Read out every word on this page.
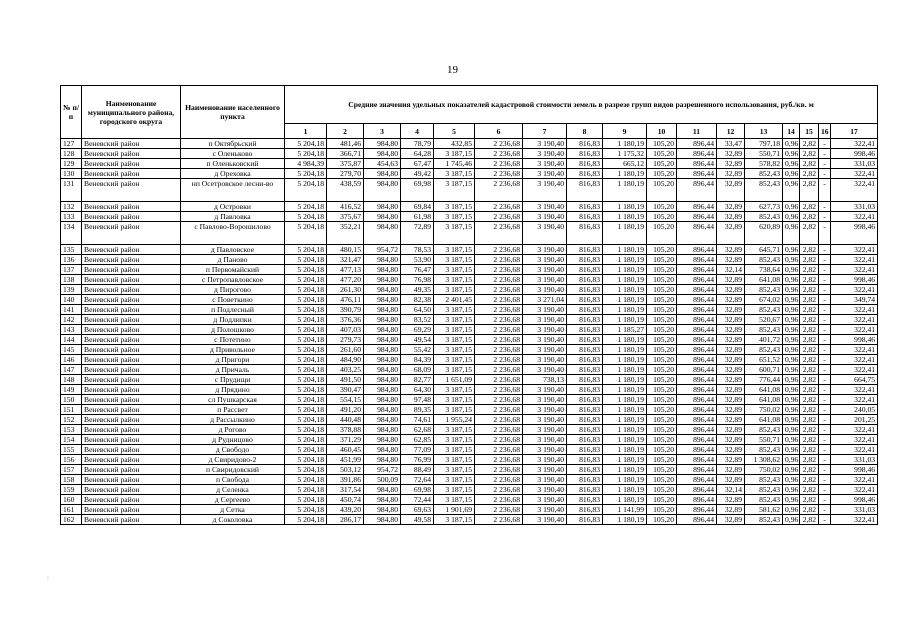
19
№ п/п	Наименование муниципального района, городского округа	Наименование населенного пункта	Средние значения удельных показателей кадастровой стоимости земель в разрезе групп видов разрешенного использования, руб./кв. м																
			1	2	3	4	5	6	7	8	9	10	11	12	13	14	15	16	17
127	Веневский район	п Октябрьский	5 204,18	481,46	984,80	78,79	432,85	2 236,68	3 190,40	816,83	1 180,19	105,20	896,44	33,47	797,18	0,96	2,82	-	322,41
128	Веневский район	с Оленьково	5 204,18	366,71	984,80	64,28	3 187,15	2 236,68	3 190,40	816,83	1 175,32	105,20	896,44	32,89	550,71	0,96	2,82	-	998,46
129	Веневский район	п Оленьковский	4 984,39	375,87	454,63	67,47	1 745,46	2 236,68	3 190,40	816,83	665,12	105,20	896,44	32,89	578,82	0,96	2,82	-	331,03
130	Веневский район	д Ореховка	5 204,18	279,70	984,80	49,42	3 187,15	2 236,68	3 190,40	816,83	1 180,19	105,20	896,44	32,89	852,43	0,96	2,82	-	322,41
131	Веневский район	нп Осетровское лесни-во	5 204,18	438,59	984,80	69,98	3 187,15	2 236,68	3 190,40	816,83	1 180,19	105,20	896,44	32,89	852,43	0,96	2,82	-	322,41
132	Веневский район	д Островки	5 204,18	416,52	984,80	69,84	3 187,15	2 236,68	3 190,40	816,83	1 180,19	105,20	896,44	32,89	627,73	0,96	2,82	-	331,03
133	Веневский район	д Павловка	5 204,18	375,67	984,80	61,98	3 187,15	2 236,68	3 190,40	816,83	1 180,19	105,20	896,44	32,89	852,43	0,96	2,82	-	322,41
134	Веневский район	с Павлово-Ворошилово	5 204,18	352,21	984,80	72,89	3 187,15	2 236,68	3 190,40	816,83	1 180,19	105,20	896,44	32,89	620,89	0,96	2,82	-	998,46
135	Веневский район	д Павловское	5 204,18	480,15	954,72	78,53	3 187,15	2 236,68	3 190,40	816,83	1 180,19	105,20	896,44	32,89	645,71	0,96	2,82	-	322,41
136	Веневский район	д Паново	5 204,18	321,47	984,80	53,90	3 187,15	2 236,68	3 190,40	816,83	1 180,19	105,20	896,44	32,89	852,43	0,96	2,82	-	322,41
137	Веневский район	п Первомайский	5 204,18	477,13	984,80	76,47	3 187,15	2 236,68	3 190,40	816,83	1 180,19	105,20	896,44	32,14	738,64	0,96	2,82	-	322,41
138	Веневский район	с Петропавловское	5 204,18	477,20	984,80	76,98	3 187,15	2 236,68	3 190,40	816,83	1 180,19	105,20	896,44	32,89	641,08	0,96	2,82	-	998,46
139	Веневский район	д Пирогово	5 204,18	261,30	984,80	49,35	3 187,15	2 236,68	3 190,40	816,83	1 180,19	105,20	896,44	32,89	852,43	0,96	2,82	-	322,41
140	Веневский район	с Поветкино	5 204,18	476,11	984,80	82,38	2 401,45	2 236,68	3 271,04	816,83	1 180,19	105,20	896,44	32,89	674,02	0,96	2,82	-	349,74
141	Веневский район	п Подлесный	5 204,18	390,79	984,80	64,50	3 187,15	2 236,68	3 190,40	816,83	1 180,19	105,20	896,44	32,89	852,43	0,96	2,82	-	322,41
142	Веневский район	д Подлипки	5 204,18	376,36	984,80	83,52	3 187,15	2 236,68	3 190,40	816,83	1 180,19	105,20	896,44	32,89	520,67	0,96	2,82	-	322,41
143	Веневский район	д Полошково	5 204,18	407,03	984,80	69,29	3 187,15	2 236,68	3 190,40	816,83	1 185,27	105,20	896,44	32,89	852,43	0,96	2,82	-	322,41
144	Веневский район	с Потетино	5 204,18	279,73	984,80	49,54	3 187,15	2 236,68	3 190,40	816,83	1 180,19	105,20	896,44	32,89	401,72	0,96	2,82	-	998,46
145	Веневский район	д Привольное	5 204,18	261,60	984,80	55,42	3 187,15	2 236,68	3 190,40	816,83	1 180,19	105,20	896,44	32,89	852,43	0,96	2,82	-	322,41
146	Веневский район	д Пригори	5 204,18	484,90	984,80	84,39	3 187,15	2 236,68	3 190,40	816,83	1 180,19	105,20	896,44	32,89	651,52	0,96	2,82	-	322,41
147	Веневский район	д Причаль	5 204,18	403,25	984,80	68,09	3 187,15	2 236,68	3 190,40	816,83	1 180,19	105,20	896,44	32,89	600,71	0,96	2,82	-	322,41
148	Веневский район	с Прудищи	5 204,18	491,50	984,80	82,77	1 651,09	2 236,68	738,13	816,83	1 180,19	105,20	896,44	32,89	776,44	0,96	2,82	-	664,75
149	Веневский район	д Прядино	5 204,18	390,47	984,80	64,30	3 187,15	2 236,68	3 190,40	816,83	1 180,19	105,20	896,44	32,89	641,08	0,96	2,82	-	322,41
150	Веневский район	сл Пушкарская	5 204,18	554,15	984,80	97,48	3 187,15	2 236,68	3 190,40	816,83	1 180,19	105,20	896,44	32,89	641,08	0,96	2,82	-	322,41
151	Веневский район	п Рассвет	5 204,18	491,20	984,80	89,35	3 187,15	2 236,68	3 190,40	816,83	1 180,19	105,20	896,44	32,89	750,02	0,96	2,82	-	240,05
152	Веневский район	д Рассылкино	5 204,18	440,48	984,80	74,61	1 955,24	2 236,68	3 190,40	816,83	1 180,19	105,20	896,44	32,89	641,08	0,96	2,82	-	201,25
153	Веневский район	д Рогово	5 204,18	378,88	984,80	62,68	3 187,15	2 236,68	3 190,40	816,83	1 180,19	105,20	896,44	32,89	852,43	0,96	2,82	-	322,41
154	Веневский район	д Рудницово	5 204,18	371,29	984,80	62,85	3 187,15	2 236,68	3 190,40	816,83	1 180,19	105,20	896,44	32,89	550,71	0,96	2,82	-	322,41
155	Веневский район	д Свободо	5 204,18	460,45	984,80	77,09	3 187,15	2 236,68	3 190,40	816,83	1 180,19	105,20	896,44	32,89	852,43	0,96	2,82	-	322,41
156	Веневский район	д Свиридово-2	5 204,18	451,99	984,80	76,99	3 187,15	2 236,68	3 190,40	816,83	1 180,19	105,20	896,44	32,89	1 308,62	0,96	2,82	-	331,03
157	Веневский район	п Свиридовский	5 204,18	503,12	954,72	88,49	3 187,15	2 236,68	3 190,40	816,83	1 180,19	105,20	896,44	32,89	750,02	0,96	2,82	-	998,46
158	Веневский район	п Свобода	5 204,18	391,86	500,09	72,64	3 187,15	2 236,68	3 190,40	816,83	1 180,19	105,20	896,44	32,89	852,43	0,96	2,82	-	322,41
159	Веневский район	д Селенка	5 204,18	317,54	984,80	69,98	3 187,15	2 236,68	3 190,40	816,83	1 180,19	105,20	896,44	32,14	852,43	0,96	2,82	-	322,41
160	Веневский район	д Сергеево	5 204,18	450,74	984,80	72,44	3 187,15	2 236,68	3 190,40	816,83	1 180,19	105,20	896,44	32,89	852,43	0,96	2,82	-	998,46
161	Веневский район	д Сетка	5 204,18	439,20	984,80	69,63	1 901,69	2 236,68	3 190,40	816,83	1 141,99	105,20	896,44	32,89	581,62	0,96	2,82	-	331,03
162	Веневский район	д Соколовка	5 204,18	286,17	984,80	49,58	3 187,15	2 236,68	3 190,40	816,83	1 180,19	105,20	896,44	32,89	852,43	0,96	2,82	-	322,41
:
